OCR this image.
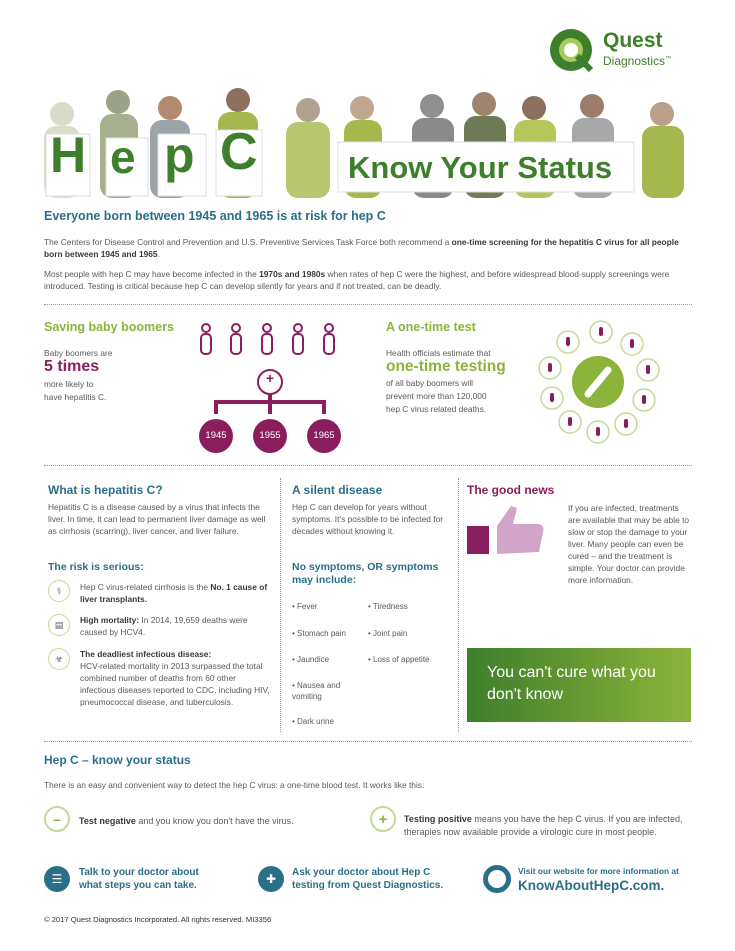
Quest
Diagnostics™
H e p C	Know Your Status
Everyone born between 1945 and 1965 is at risk for hep C
The Centers for Disease Control and Prevention and U.S. Preventive Services Task Force both recommend a one-time screening for the hepatitis C virus for all people born between 1945 and 1965.
Most people with hep C may have become infected in the 1970s and 1980s when rates of hep C were the highest, and before widespread blood-supply screenings were introduced. Testing is critical because hep C can develop silently for years and if not treated, can be deadly.
Saving baby boomers
Baby boomers are
5 times
more likely to
have hepatitis C.
+
1945	1955	1965
A one-time test
Health officials estimate that
one-time testing
of all baby boomers will
prevent more than 120,000
hep C virus related deaths.
What is hepatitis C?
Hepatitis C is a disease caused by a virus that infects the liver. In time, it can lead to permanent liver damage as well as cirrhosis (scarring), liver cancer, and liver failure.
The risk is serious:
⚕ Hep C virus-related cirrhosis is the No. 1 cause of liver transplants.
▤ High mortality: In 2014, 19,659 deaths were caused by HCV4.
☣ The deadliest infectious disease:
HCV-related mortality in 2013 surpassed the total combined number of deaths from 60 other infectious diseases reported to CDC, including HIV, pneumococcal disease, and tuberculosis.
A silent disease
Hep C can develop for years without symptoms. It's possible to be infected for decades without knowing it.
No symptoms, OR symptoms may include:
• Fever
• Stomach pain
• Jaundice
• Nausea and vomiting
• Dark urine
• Tiredness
• Joint pain
• Loss of appetite
The good news
If you are infected, treatments are available that may be able to slow or stop the damage to your liver. Many people can even be cured – and the treatment is simple. Your doctor can provide more information.
You can't cure what you don't know
Hep C – know your status
There is an easy and convenient way to detect the hep C virus: a one-time blood test. It works like this:
–	Test negative and you know you don't have the virus.	+	Testing positive means you have the hep C virus. If you are infected, therapies now available provide a virologic cure in most people.
☰	Talk to your doctor about what steps you can take.	✚	Ask your doctor about Hep C testing from Quest Diagnostics.
Visit our website for more information at
KnowAboutHepC.com.
© 2017 Quest Diagnostics Incorporated. All rights reserved. MI3356
